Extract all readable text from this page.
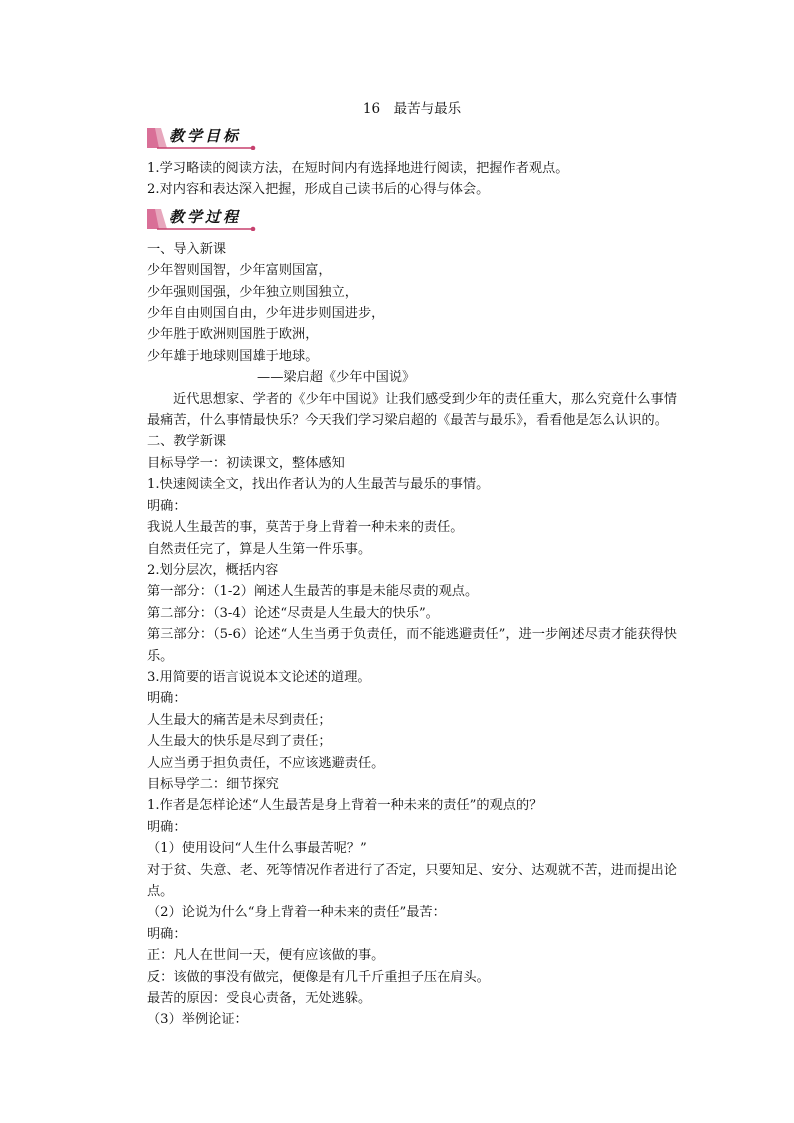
16　最苦与最乐
教学目标
1.学习略读的阅读方法，在短时间内有选择地进行阅读，把握作者观点。
2.对内容和表达深入把握，形成自己读书后的心得与体会。
教学过程
一、导入新课
少年智则国智，少年富则国富，
少年强则国强，少年独立则国独立，
少年自由则国自由，少年进步则国进步，
少年胜于欧洲则国胜于欧洲，
少年雄于地球则国雄于地球。
——梁启超《少年中国说》
近代思想家、学者的《少年中国说》让我们感受到少年的责任重大，那么究竟什么事情最痛苦，什么事情最快乐？今天我们学习梁启超的《最苦与最乐》，看看他是怎么认识的。
二、教学新课
目标导学一：初读课文，整体感知
1.快速阅读全文，找出作者认为的人生最苦与最乐的事情。
明确：
我说人生最苦的事，莫苦于身上背着一种未来的责任。
自然责任完了，算是人生第一件乐事。
2.划分层次，概括内容
第一部分：（1-2）阐述人生最苦的事是未能尽责的观点。
第二部分：（3-4）论述“尽责是人生最大的快乐”。
第三部分：（5-6）论述“人生当勇于负责任，而不能逃避责任”，进一步阐述尽责才能获得快乐。
3.用简要的语言说说本文论述的道理。
明确：
人生最大的痛苦是未尽到责任；
人生最大的快乐是尽到了责任；
人应当勇于担负责任，不应该逃避责任。
目标导学二：细节探究
1.作者是怎样论述“人生最苦是身上背着一种未来的责任”的观点的？
明确：
（1）使用设问“人生什么事最苦呢？”
对于贫、失意、老、死等情况作者进行了否定，只要知足、安分、达观就不苦，进而提出论点。
（2）论说为什么“身上背着一种未来的责任”最苦：
明确：
正：凡人在世间一天，便有应该做的事。
反：该做的事没有做完，便像是有几千斤重担子压在肩头。
最苦的原因：受良心责备，无处逃躲。
（3）举例论证：
